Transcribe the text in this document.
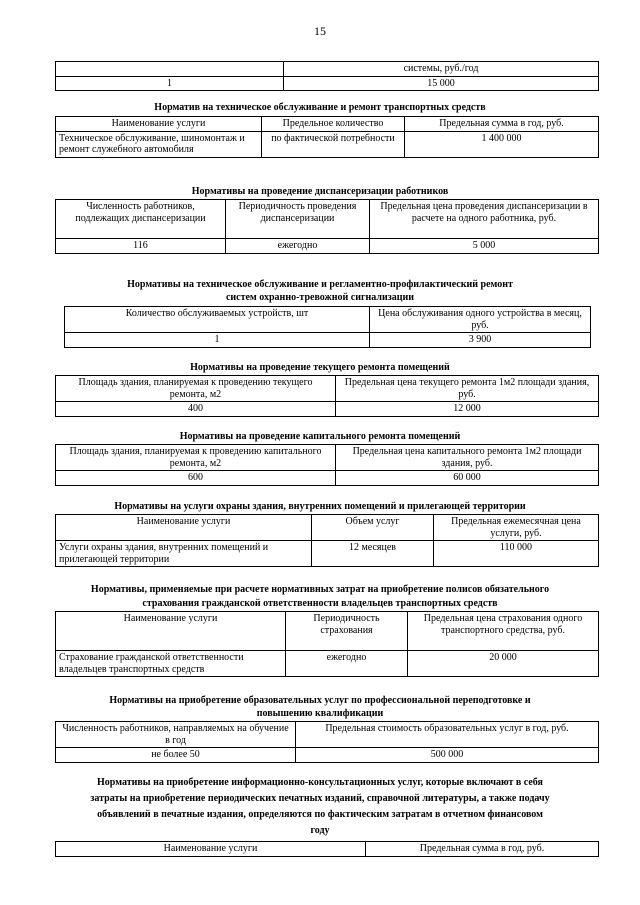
15
	системы, руб./год
1	15 000
Норматив на техническое обслуживание и ремонт транспортных средств
Наименование услуги	Предельное количество	Предельная сумма в год, руб.
Техническое обслуживание, шиномонтаж и ремонт служебного автомобиля	по фактической потребности	1 400 000
Нормативы на проведение диспансеризации работников
Численность работников, подлежащих диспансеризации	Периодичность проведения диспансеризации	Предельная цена проведения диспансеризации в расчете на одного работника, руб.
116	ежегодно	5 000
Нормативы на техническое обслуживание и регламентно-профилактический ремонт
систем охранно-тревожной сигнализации
Количество обслуживаемых устройств, шт	Цена обслуживания одного устройства в месяц, руб.
1	3 900
Нормативы на проведение текущего ремонта помещений
Площадь здания, планируемая к проведению текущего ремонта, м2	Предельная цена текущего ремонта 1м2 площади здания, руб.
400	12 000
Нормативы на проведение капитального ремонта помещений
Площадь здания, планируемая к проведению капитального ремонта, м2	Предельная цена капитального ремонта 1м2 площади здания, руб.
600	60 000
Нормативы на услуги охраны здания, внутренних помещений и прилегающей территории
Наименование услуги	Объем услуг	Предельная ежемесячная цена услуги, руб.
Услуги охраны здания, внутренних помещений и прилегающей территории	12 месяцев	110 000
Нормативы, применяемые при расчете нормативных затрат на приобретение полисов обязательного
страхования гражданской ответственности владельцев транспортных средств
Наименование услуги	Периодичность страхования	Предельная цена страхования одного транспортного средства, руб.
Страхование гражданской ответственности владельцев транспортных средств	ежегодно	20 000
Нормативы на приобретение образовательных услуг по профессиональной переподготовке и
повышению квалификации
Численность работников, направляемых на обучение в год	Предельная стоимость образовательных услуг в год, руб.
не более 50	500 000
Нормативы на приобретение информационно-консультационных услуг, которые включают в себя
затраты на приобретение периодических печатных изданий, справочной литературы, а также подачу
объявлений в печатные издания, определяются по фактическим затратам в отчетном финансовом
году
Наименование услуги	Предельная сумма в год, руб.
